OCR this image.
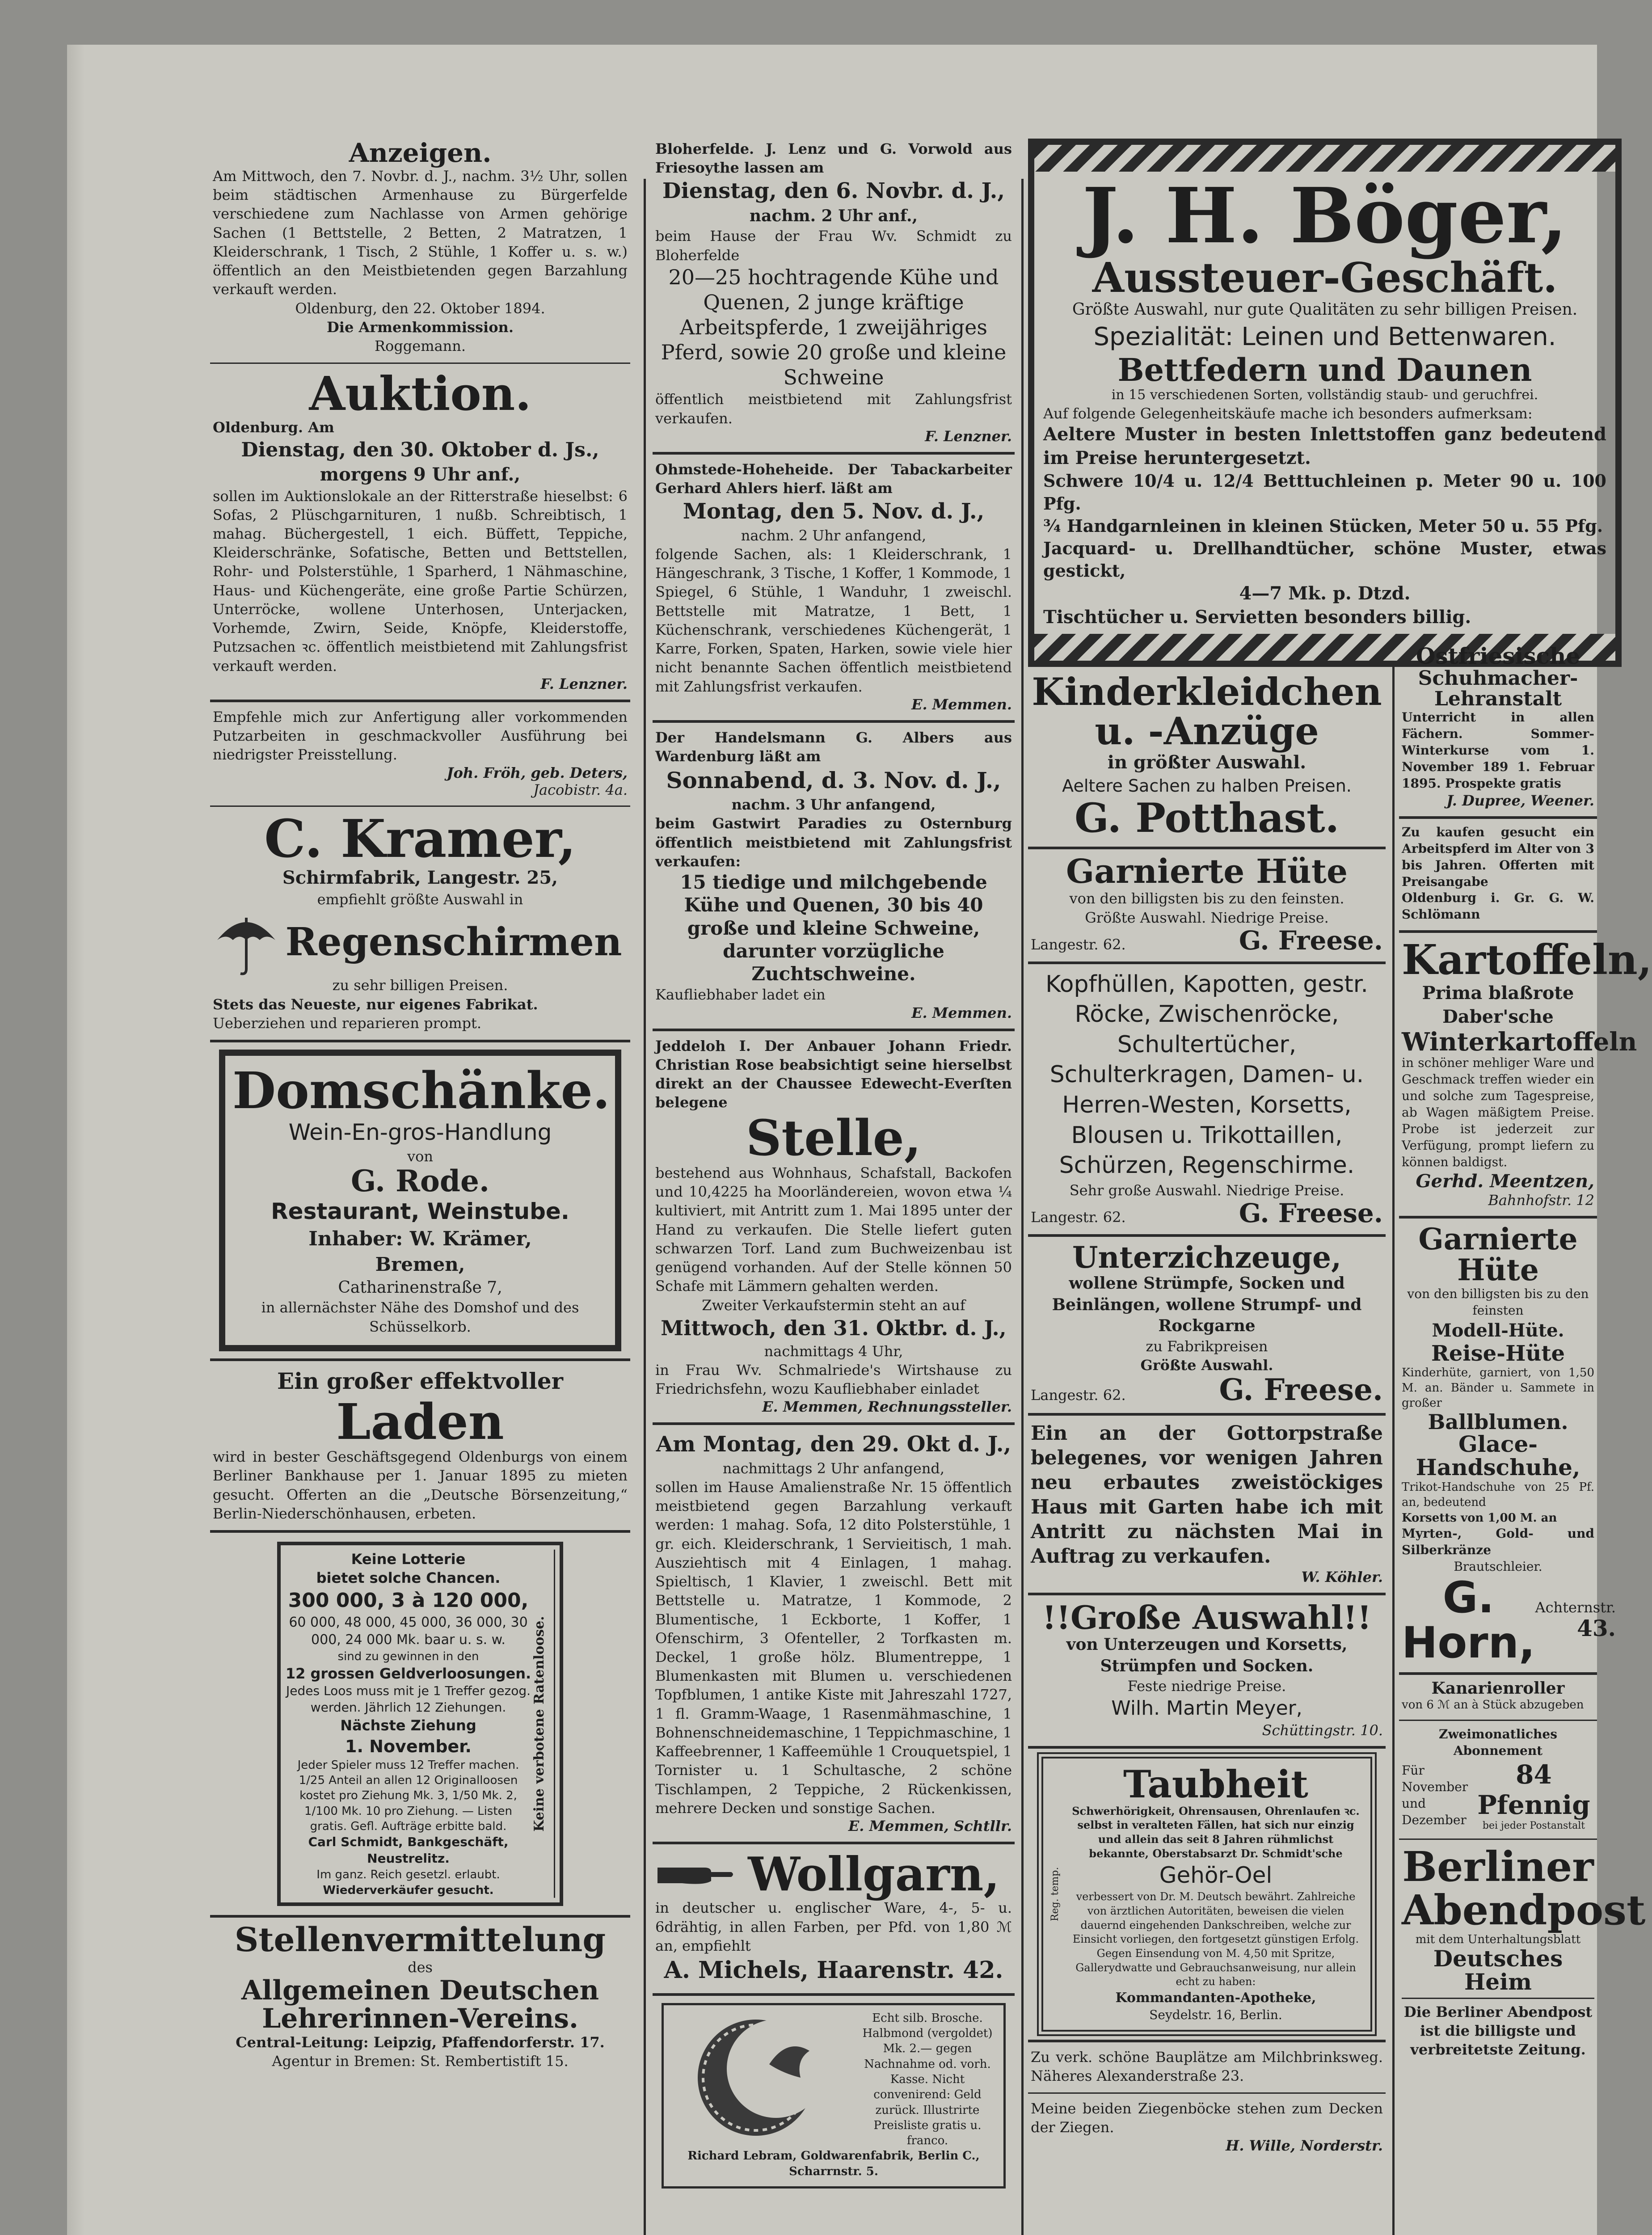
Anzeigen.
Am Mittwoch, den 7. Novbr. d. J., nachm. 3½ Uhr, sollen beim städtischen Armenhause zu Bürgerfelde verschiedene zum Nachlasse von Armen gehörige Sachen (1 Bettstelle, 2 Betten, 2 Matratzen, 1 Kleiderschrank, 1 Tisch, 2 Stühle, 1 Koffer u. s. w.) öffentlich an den Meistbietenden gegen Barzahlung verkauft werden.
Oldenburg, den 22. Oktober 1894.
Die Armenkommission.
Roggemann.
Auktion.
Oldenburg. Am
Dienstag, den 30. Oktober d. Js.,
morgens 9 Uhr anf.,
sollen im Auktionslokale an der Ritterstraße hieselbst: 6 Sofas, 2 Plüschgarnituren, 1 nußb. Schreibtisch, 1 mahag. Büchergestell, 1 eich. Büffett, Teppiche, Kleiderschränke, Sofatische, Betten und Bettstellen, Rohr- und Polsterstühle, 1 Sparherd, 1 Nähmaschine, Haus- und Küchengeräte, eine große Partie Schürzen, Unterröcke, wollene Unterhosen, Unterjacken, Vorhemde, Zwirn, Seide, Knöpfe, Kleiderstoffe, Putzsachen ꝛc. öffentlich meistbietend mit Zahlungsfrist verkauft werden.
F. Lenzner.
Empfehle mich zur Anfertigung aller vorkommenden Putzarbeiten in geschmackvoller Ausführung bei niedrigster Preisstellung.
Joh. Fröh, geb. Deters,
Jacobistr. 4a.
C. Kramer,
Schirmfabrik, Langestr. 25,
empfiehlt größte Auswahl in
Regenschirmen
zu sehr billigen Preisen.
Stets das Neueste, nur eigenes Fabrikat.
Ueberziehen und reparieren prompt.
Domschänke.
Wein-En-gros-Handlung
von
G. Rode.
Restaurant, Weinstube.
Inhaber: W. Krämer,
Bremen,
Catharinenstraße 7,
in allernächster Nähe des Domshof und des Schüsselkorb.
Ein großer effektvoller
Laden
wird in bester Geschäftsgegend Oldenburgs von einem Berliner Bankhause per 1. Januar 1895 zu mieten gesucht. Offerten an die „Deutsche Börsenzeitung,“ Berlin-Niederschönhausen, erbeten.
Keine Lotterie
bietet solche Chancen.
300 000, 3 à 120 000,
60 000, 48 000, 45 000, 36 000, 30 000, 24 000 Mk. baar u. s. w.
sind zu gewinnen in den
12 grossen Geldverloosungen.
Jedes Loos muss mit je 1 Treffer gezog. werden. Jährlich 12 Ziehungen.
Nächste Ziehung
1. November.
Jeder Spieler muss 12 Treffer machen. 1/25 Anteil an allen 12 Originalloosen kostet pro Ziehung Mk. 3, 1/50 Mk. 2, 1/100 Mk. 10 pro Ziehung. — Listen gratis. Gefl. Aufträge erbitte bald.
Carl Schmidt, Bankgeschäft, Neustrelitz.
Im ganz. Reich gesetzl. erlaubt.
Wiederverkäufer gesucht.
Keine verbotene Ratenloose.
Stellenvermittelung
des
Allgemeinen Deutschen Lehrerinnen-Vereins.
Central-Leitung: Leipzig, Pfaffendorferstr. 17.
Agentur in Bremen: St. Rembertistift 15.
Bloherfelde. J. Lenz und G. Vorwold aus Friesoythe lassen am
Dienstag, den 6. Novbr. d. J.,
nachm. 2 Uhr anf.,
beim Hause der Frau Wv. Schmidt zu Bloherfelde
20—25 hochtragende Kühe und Quenen, 2 junge kräftige Arbeitspferde, 1 zweijähriges Pferd, sowie 20 große und kleine Schweine
öffentlich meistbietend mit Zahlungsfrist verkaufen.
F. Lenzner.
Ohmstede-Hoheheide. Der Tabackarbeiter Gerhard Ahlers hierf. läßt am
Montag, den 5. Nov. d. J.,
nachm. 2 Uhr anfangend,
folgende Sachen, als: 1 Kleiderschrank, 1 Hängeschrank, 3 Tische, 1 Koffer, 1 Kommode, 1 Spiegel, 6 Stühle, 1 Wanduhr, 1 zweischl. Bettstelle mit Matratze, 1 Bett, 1 Küchenschrank, verschiedenes Küchengerät, 1 Karre, Forken, Spaten, Harken, sowie viele hier nicht benannte Sachen öffentlich meistbietend mit Zahlungsfrist verkaufen.
E. Memmen.
Der Handelsmann G. Albers aus Wardenburg läßt am
Sonnabend, d. 3. Nov. d. J.,
nachm. 3 Uhr anfangend,
beim Gastwirt Paradies zu Osternburg öffentlich meistbietend mit Zahlungsfrist verkaufen:
15 tiedige und milchgebende Kühe und Quenen, 30 bis 40 große und kleine Schweine, darunter vorzügliche Zuchtschweine.
Kaufliebhaber ladet ein
E. Memmen.
Jeddeloh I. Der Anbauer Johann Friedr. Christian Rose beabsichtigt seine hierselbst direkt an der Chaussee Edewecht-Everſten belegene
Stelle,
bestehend aus Wohnhaus, Schafstall, Backofen und 10,4225 ha Moorländereien, wovon etwa ¼ kultiviert, mit Antritt zum 1. Mai 1895 unter der Hand zu verkaufen. Die Stelle liefert guten schwarzen Torf. Land zum Buchweizenbau ist genügend vorhanden. Auf der Stelle können 50 Schafe mit Lämmern gehalten werden.
Zweiter Verkaufstermin steht an auf
Mittwoch, den 31. Oktbr. d. J.,
nachmittags 4 Uhr,
in Frau Wv. Schmalriede's Wirtshause zu Friedrichsfehn, wozu Kaufliebhaber einladet
E. Memmen, Rechnungssteller.
Am Montag, den 29. Okt d. J.,
nachmittags 2 Uhr anfangend,
sollen im Hause Amalienstraße Nr. 15 öffentlich meistbietend gegen Barzahlung verkauft werden: 1 mahag. Sofa, 12 dito Polsterstühle, 1 gr. eich. Kleiderschrank, 1 Servieitisch, 1 mah. Ausziehtisch mit 4 Einlagen, 1 mahag. Spieltisch, 1 Klavier, 1 zweischl. Bett mit Bettstelle u. Matratze, 1 Kommode, 2 Blumentische, 1 Eckborte, 1 Koffer, 1 Ofenschirm, 3 Ofenteller, 2 Torfkasten m. Deckel, 1 große hölz. Blumentreppe, 1 Blumenkasten mit Blumen u. verschiedenen Topfblumen, 1 antike Kiste mit Jahreszahl 1727, 1 fl. Gramm-Waage, 1 Rasenmähmaschine, 1 Bohnenschneidemaschine, 1 Teppichmaschine, 1 Kaffeebrenner, 1 Kaffeemühle 1 Crouquetspiel, 1 Tornister u. 1 Schultasche, 2 schöne Tischlampen, 2 Teppiche, 2 Rückenkissen, mehrere Decken und sonstige Sachen.
E. Memmen, Schtllr.
Wollgarn,
in deutscher u. englischer Ware, 4-, 5- u. 6drähtig, in allen Farben, per Pfd. von 1,80 ℳ an, empfiehlt
A. Michels, Haarenstr. 42.
Echt silb. Brosche. Halbmond (vergoldet) Mk. 2.— gegen Nachnahme od. vorh. Kasse. Nicht convenirend: Geld zurück. Illustrirte Preisliste gratis u. franco.
Richard Lebram, Goldwarenfabrik, Berlin C., Scharrnstr. 5.
J. H. Böger,
Aussteuer-Geschäft.
Größte Auswahl, nur gute Qualitäten zu sehr billigen Preisen.
Spezialität: Leinen und Bettenwaren.
Bettfedern und Daunen
in 15 verschiedenen Sorten, vollständig staub- und geruchfrei.
Auf folgende Gelegenheitskäufe mache ich besonders aufmerksam:
Aeltere Muster in besten Inlettstoffen ganz bedeutend im Preise heruntergesetzt.
Schwere 10/4 u. 12/4 Betttuchleinen p. Meter 90 u. 100 Pfg.
¾ Handgarnleinen in kleinen Stücken, Meter 50 u. 55 Pfg.
Jacquard- u. Drellhandtücher, schöne Muster, etwas gestickt,
4—7 Mk. p. Dtzd.
Tischtücher u. Servietten besonders billig.
Kinderkleidchen u. -Anzüge
in größter Auswahl.
Aeltere Sachen zu halben Preisen.
G. Potthast.
Garnierte Hüte
von den billigsten bis zu den feinsten.
Größte Auswahl. Niedrige Preise.
Langestr. 62.	G. Freese.
Kopfhüllen, Kapotten, gestr. Röcke, Zwischenröcke, Schultertücher, Schulterkragen, Damen- u. Herren-Westen, Korsetts, Blousen u. Trikottaillen, Schürzen, Regenschirme.
Sehr große Auswahl. Niedrige Preise.
Langestr. 62.	G. Freese.
Unterzichzeuge,
wollene Strümpfe, Socken und Beinlängen, wollene Strumpf- und Rockgarne
zu Fabrikpreisen
Größte Auswahl.
Langestr. 62.	G. Freese.
Ein an der Gottorpstraße belegenes, vor wenigen Jahren neu erbautes zweistöckiges Haus mit Garten habe ich mit Antritt zu nächsten Mai in Auftrag zu verkaufen.
W. Köhler.
!!Große Auswahl!!
von Unterzeugen und Korsetts, Strümpfen und Socken.
Feste niedrige Preise.
Wilh. Martin Meyer,
Schüttingstr. 10.
Reg. temp.
Taubheit
Schwerhörigkeit, Ohrensausen, Ohrenlaufen ꝛc. selbst in veralteten Fällen, hat sich nur einzig und allein das seit 8 Jahren rühmlichst bekannte, Oberstabsarzt Dr. Schmidt'sche
Gehör-Oel
verbessert von Dr. M. Deutsch bewährt. Zahlreiche von ärztlichen Autoritäten, beweisen die vielen dauernd eingehenden Dankschreiben, welche zur Einsicht vorliegen, den fortgesetzt günstigen Erfolg. Gegen Einsendung von M. 4,50 mit Spritze, Gallerydwatte und Gebrauchsanweisung, nur allein echt zu haben:
Kommandanten-Apotheke,
Seydelstr. 16, Berlin.
Zu verk. schöne Bauplätze am Milchbrinksweg. Näheres Alexanderstraße 23.
Meine beiden Ziegenböcke stehen zum Decken der Ziegen.
H. Wille, Norderstr.
Ostfriesische
Schuhmacher-Lehranstalt
Unterricht in allen Fächern. Sommer- Winterkurse vom 1. November 189 1. Februar 1895. Prospekte gratis
J. Dupree, Weener.
Zu kaufen gesucht ein Arbeitspferd im Alter von 3 bis Jahren. Offerten mit Preisangabe
Oldenburg i. Gr. G. W. Schlömann
Kartoffeln,
Prima blaßrote Daber'sche
Winterkartoffeln
in schöner mehliger Ware und Geschmack treffen wieder ein und solche zum Tagespreise, ab Wagen mäßigtem Preise. Probe ist jederzeit zur Verfügung, prompt liefern zu können baldigst.
Gerhd. Meentzen,
Bahnhofstr. 12
Garnierte Hüte
von den billigsten bis zu den feinsten
Modell-Hüte.
Reise-Hüte
Kinderhüte, garniert, von 1,50 M. an. Bänder u. Sammete in großer
Ballblumen.
Glace-Handschuhe,
Trikot-Handschuhe von 25 Pf. an, bedeutend
Korsetts von 1,00 M. an
Myrten-, Gold- und Silberkränze
Brautschleier.
G. Horn,
Achternstr.
43.
Kanarienroller
von 6 ℳ an à Stück abzugeben
Zweimonatliches Abonnement
Für November und Dezember
84 Pfennig
bei jeder Postanstalt
Berliner Abendpost
mit dem Unterhaltungsblatt
Deutsches Heim
Die Berliner Abendpost ist die billigste und verbreitetste Zeitung.
